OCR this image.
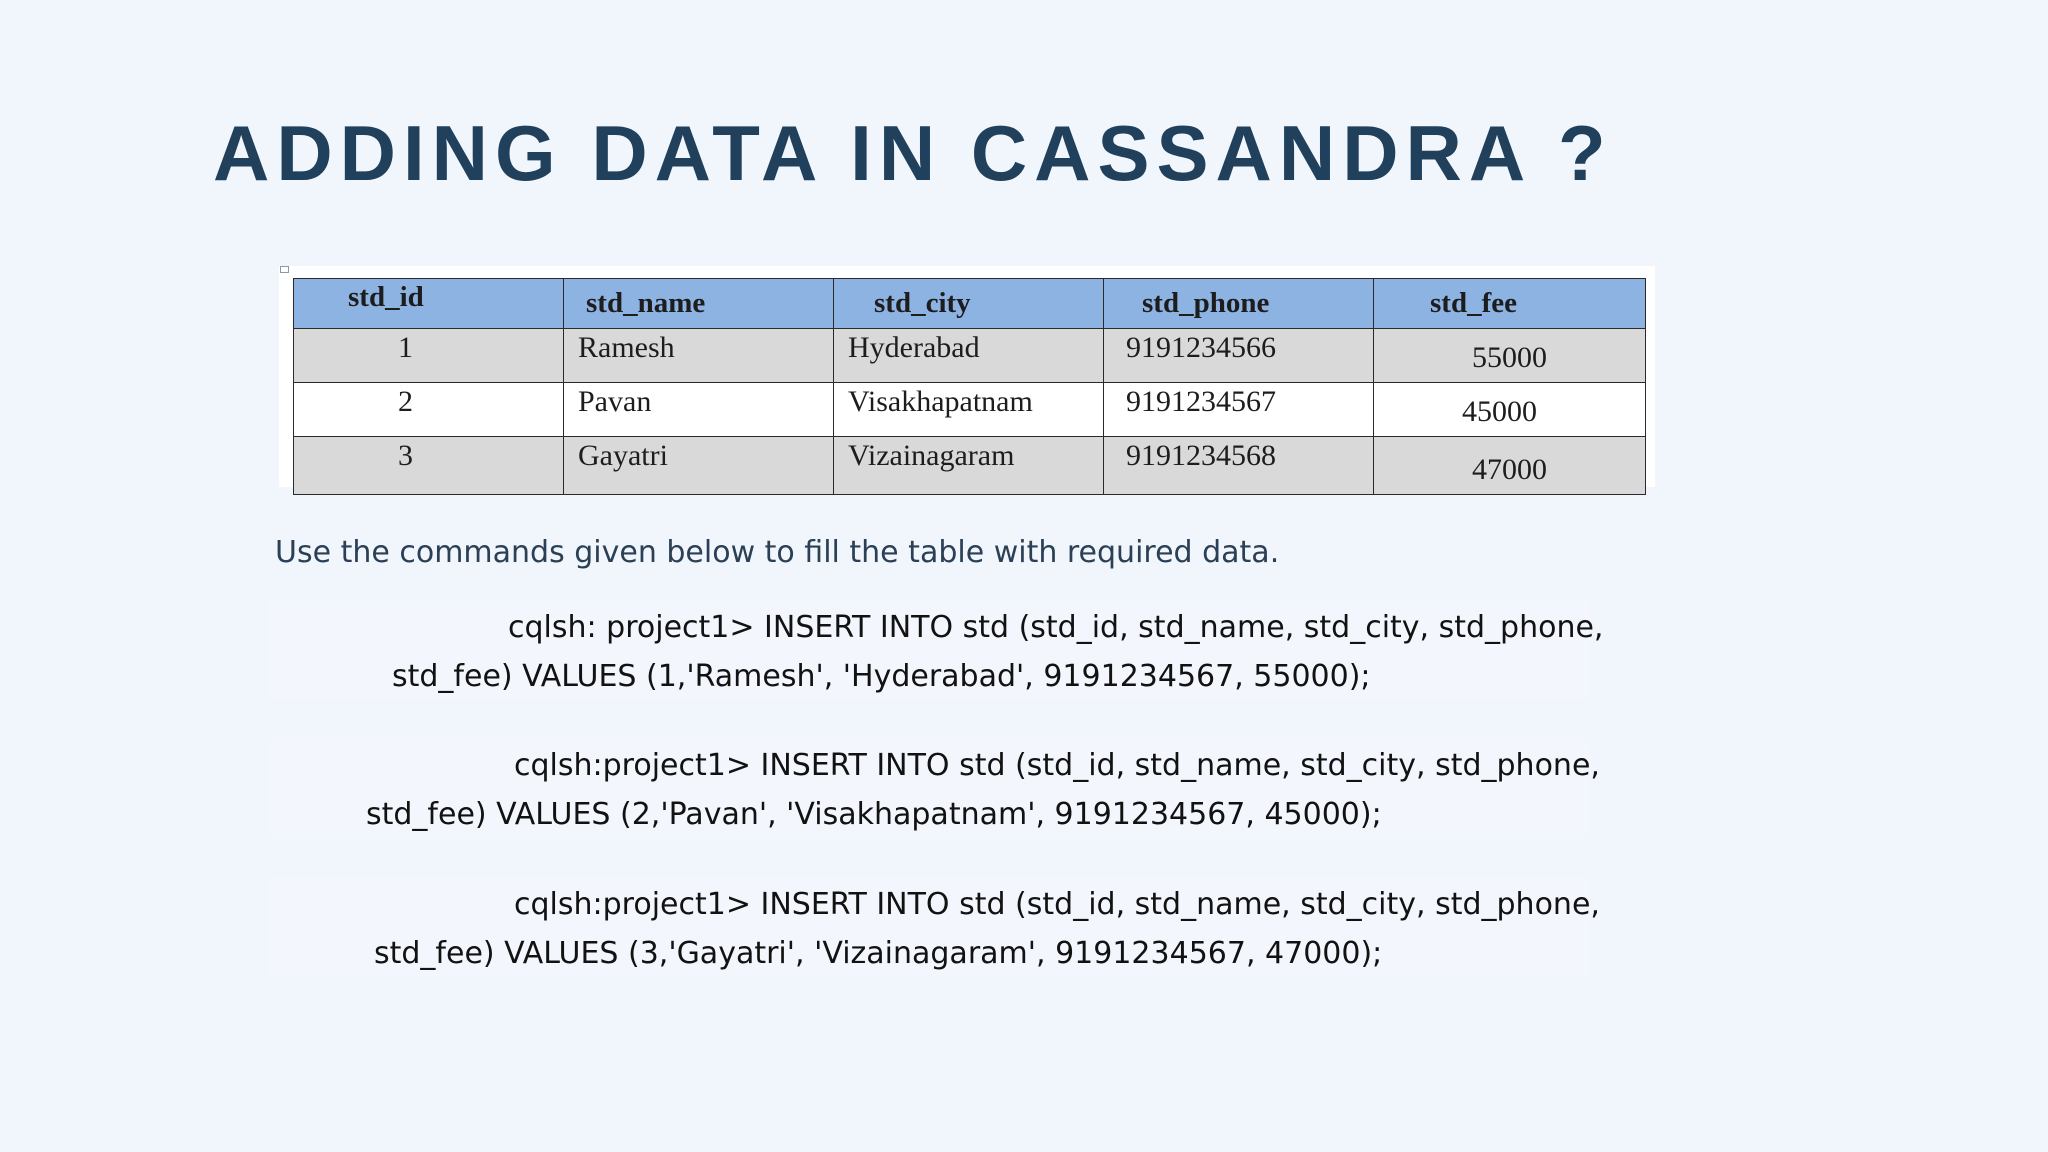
ADDING DATA IN CASSANDRA ?
std_id	std_name	std_city	std_phone	std_fee
1	Ramesh	Hyderabad	9191234566	55000
2	Pavan	Visakhapatnam	9191234567	45000
3	Gayatri	Vizainagaram	9191234568	47000

Use the commands given below to fill the table with required data.

cqlsh: project1> INSERT INTO std (std_id, std_name, std_city, std_phone,

std_fee) VALUES (1,'Ramesh', 'Hyderabad', 9191234567, 55000);

cqlsh:project1> INSERT INTO std (std_id, std_name, std_city, std_phone,

std_fee) VALUES (2,'Pavan', 'Visakhapatnam', 9191234567, 45000);

cqlsh:project1> INSERT INTO std (std_id, std_name, std_city, std_phone,

std_fee) VALUES (3,'Gayatri', 'Vizainagaram', 9191234567, 47000);
